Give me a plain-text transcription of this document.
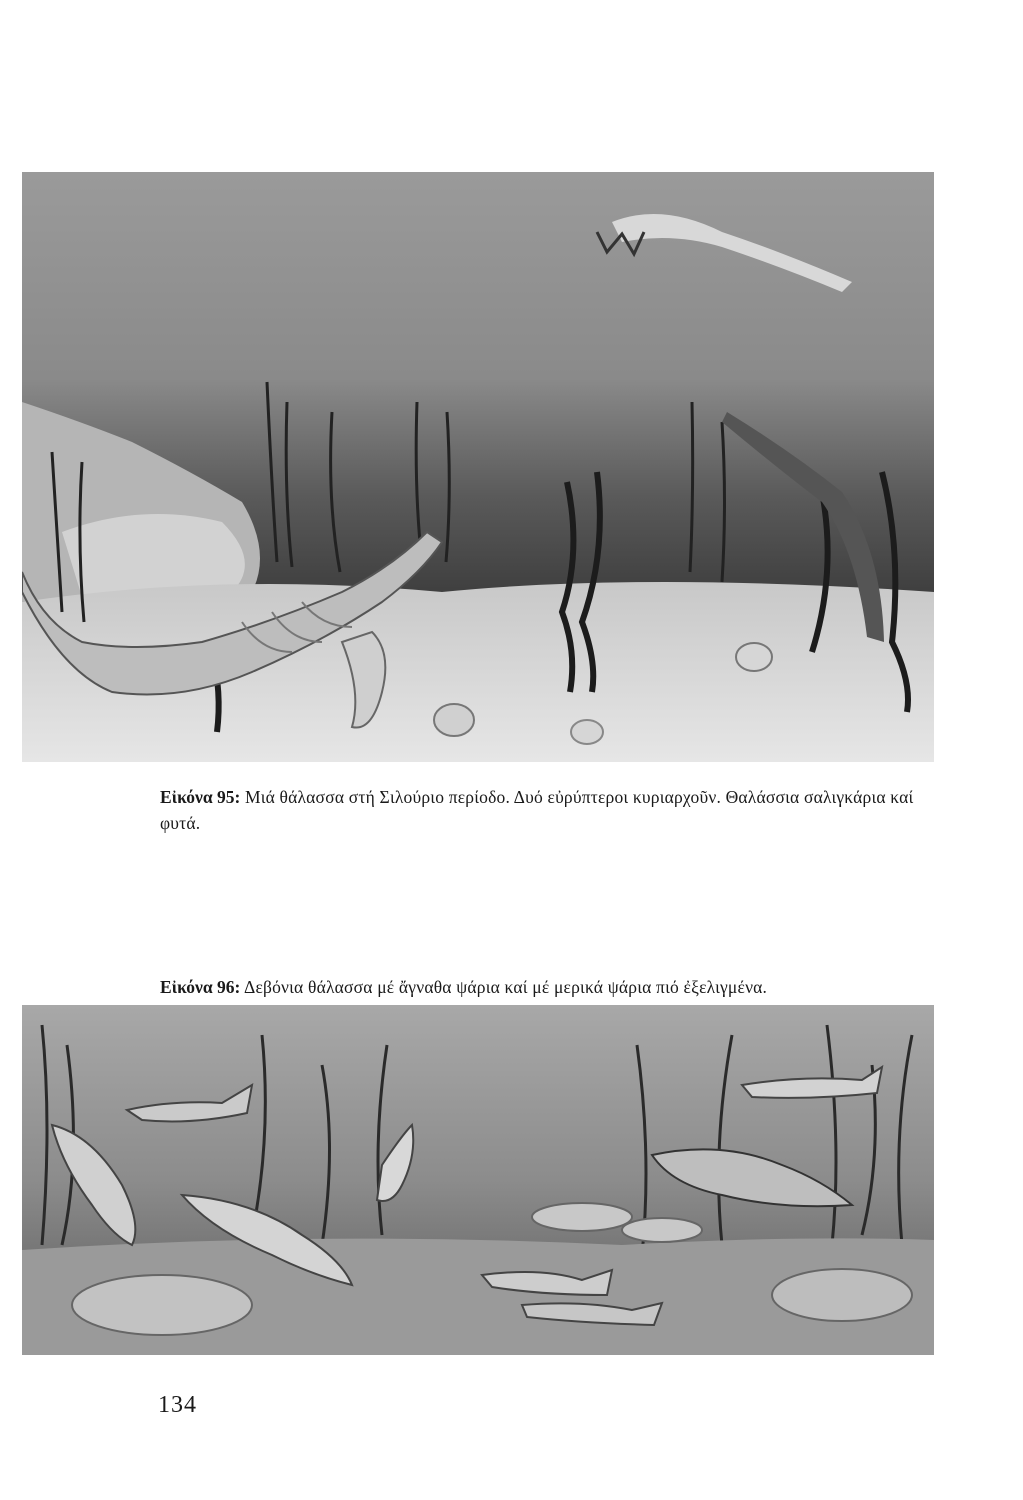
Εἰκόνα 95: Μιά θάλασσα στή Σιλούριο περίοδο. Δυό εὐρύπτεροι κυριαρχοῦν. Θαλάσσια σαλιγκάρια καί φυτά.
Εἰκόνα 96: Δεβόνια θάλασσα μέ ἄγναθα ψάρια καί μέ μερικά ψάρια πιό ἐξελιγμένα.
134
